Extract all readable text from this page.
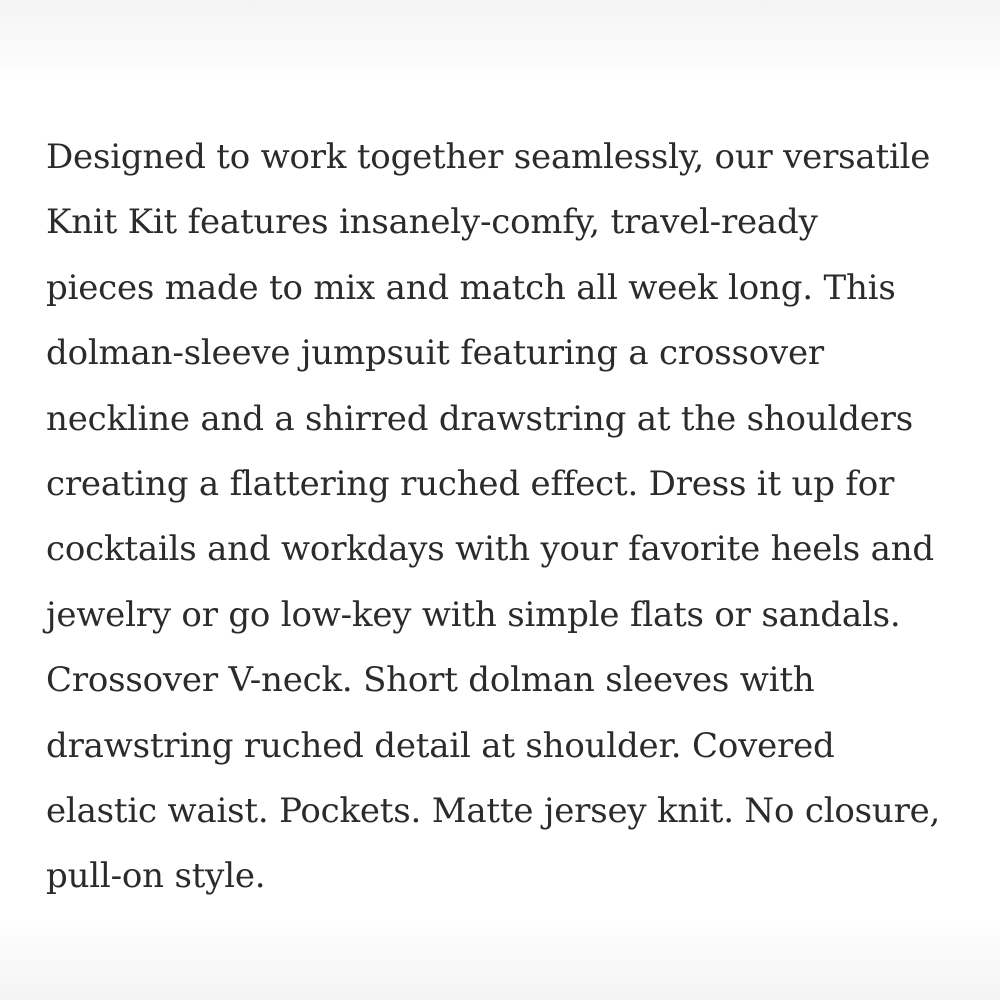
Designed to work together seamlessly, our versatile
Knit Kit features insanely-comfy, travel-ready
pieces made to mix and match all week long. This
dolman-sleeve jumpsuit featuring a crossover
neckline and a shirred drawstring at the shoulders
creating a flattering ruched effect. Dress it up for
cocktails and workdays with your favorite heels and
jewelry or go low-key with simple flats or sandals.
Crossover V-neck. Short dolman sleeves with
drawstring ruched detail at shoulder. Covered
elastic waist. Pockets. Matte jersey knit. No closure,
pull-on style.
